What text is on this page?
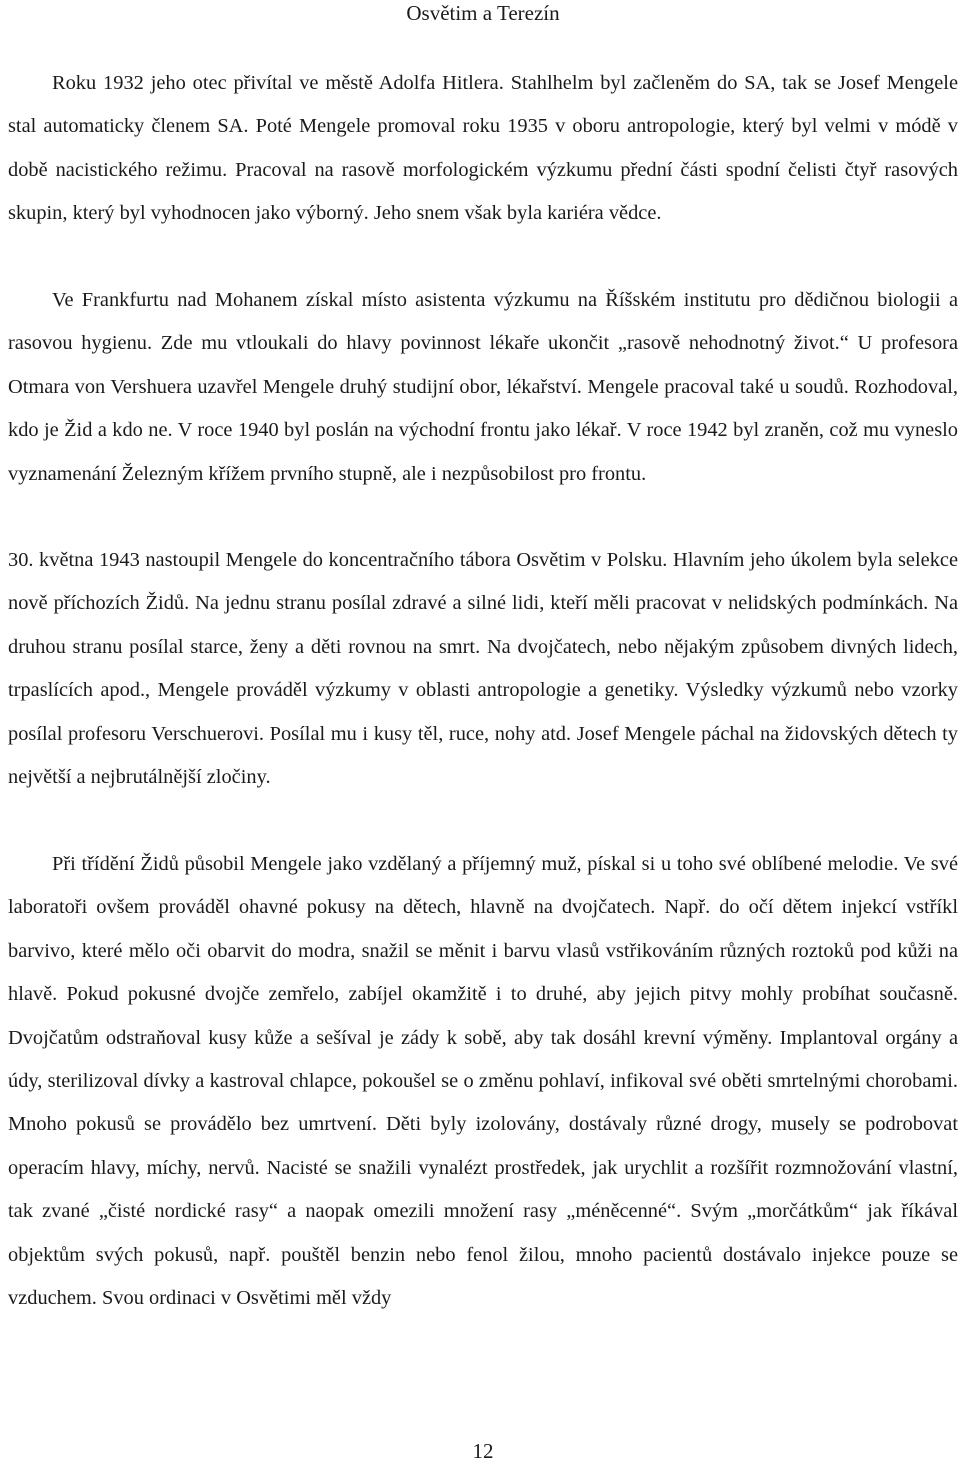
Osvětim a Terezín

Roku 1932 jeho otec přivítal ve městě Adolfa Hitlera. Stahlhelm byl začleněm do SA, tak se Josef Mengele stal automaticky členem SA. Poté Mengele promoval roku 1935 v oboru antropologie, který byl velmi v módě v době nacistického režimu. Pracoval na rasově morfologickém výzkumu přední části spodní čelisti čtyř rasových skupin, který byl vyhodnocen jako výborný. Jeho snem však byla kariéra vědce.

Ve Frankfurtu nad Mohanem získal místo asistenta výzkumu na Říšském institutu pro dědičnou biologii a rasovou hygienu. Zde mu vtloukali do hlavy povinnost lékaře ukončit „rasově nehodnotný život.“ U profesora Otmara von Vershuera uzavřel Mengele druhý studijní obor, lékařství. Mengele pracoval také u soudů. Rozhodoval, kdo je Žid a kdo ne. V roce 1940 byl poslán na východní frontu jako lékař. V roce 1942 byl zraněn, což mu vyneslo vyznamenání Železným křížem prvního stupně, ale i nezpůsobilost pro frontu.

30. května 1943 nastoupil Mengele do koncentračního tábora Osvětim v Polsku. Hlavním jeho úkolem byla selekce nově příchozích Židů. Na jednu stranu posílal zdravé a silné lidi, kteří měli pracovat v nelidských podmínkách. Na druhou stranu posílal starce, ženy a děti rovnou na smrt. Na dvojčatech, nebo nějakým způsobem divných lidech, trpaslících apod., Mengele prováděl výzkumy v oblasti antropologie a genetiky. Výsledky výzkumů nebo vzorky posílal profesoru Verschuerovi. Posílal mu i kusy těl, ruce, nohy atd. Josef Mengele páchal na židovských dětech ty největší a nejbrutálnější zločiny.

Při třídění Židů působil Mengele jako vzdělaný a příjemný muž, pískal si u toho své oblíbené melodie. Ve své laboratoři ovšem prováděl ohavné pokusy na dětech, hlavně na dvojčatech. Např. do očí dětem injekcí vstříkl barvivo, které mělo oči obarvit do modra, snažil se měnit i barvu vlasů vstřikováním různých roztoků pod kůži na hlavě. Pokud pokusné dvojče zemřelo, zabíjel okamžitě i to druhé, aby jejich pitvy mohly probíhat současně. Dvojčatům odstraňoval kusy kůže a sešíval je zády k sobě, aby tak dosáhl krevní výměny. Implantoval orgány a údy, sterilizoval dívky a kastroval chlapce, pokoušel se o změnu pohlaví, infikoval své oběti smrtelnými chorobami. Mnoho pokusů se provádělo bez umrtvení. Děti byly izolovány, dostávaly různé drogy, musely se podrobovat operacím hlavy, míchy, nervů. Nacisté se snažili vynalézt prostředek, jak urychlit a rozšířit rozmnožování vlastní, tak zvané „čisté nordické rasy“ a naopak omezili množení rasy „méněcenné“. Svým „morčátkům“ jak říkával objektům svých pokusů, např. pouštěl benzin nebo fenol žilou, mnoho pacientů dostávalo injekce pouze se vzduchem. Svou ordinaci v Osvětimi měl vždy

12
